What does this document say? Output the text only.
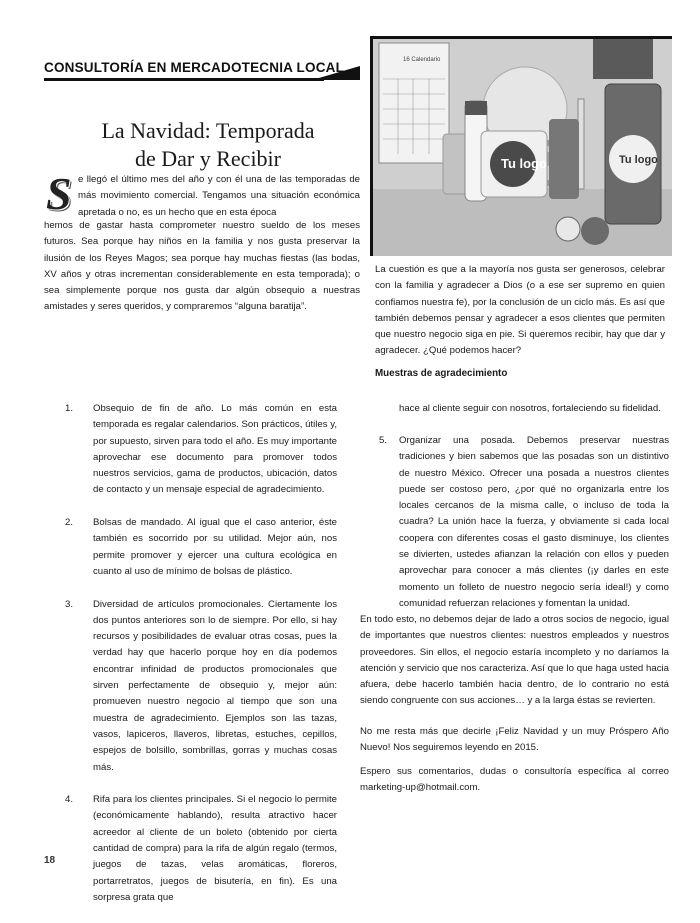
CONSULTORÍA EN MERCADOTECNIA LOCAL	16 Calendario
Tu logo	Tu logo
La Navidad: Temporada
de Dar y Recibir
S e llegó el último mes del año y con él una de las temporadas de más movimiento comercial. Tengamos una situación económica apretada o no, es un hecho que en esta época
hemos de gastar hasta comprometer nuestro sueldo de los meses futuros. Sea porque hay niños en la familia y nos gusta preservar la ilusión de los Reyes Magos; sea porque hay muchas fiestas (las bodas, XV años y otras incrementan considerablemente en esta temporada); o sea simplemente porque nos gusta dar algún obsequio a nuestras amistades y seres queridos, y compraremos “alguna baratija”.
La cuestión es que a la mayoría nos gusta ser generosos, celebrar con la familia y agradecer a Dios (o a ese ser supremo en quien confiamos nuestra fe), por la conclusión de un ciclo más. Es así que también debemos pensar y agradecer a esos clientes que permiten que nuestro negocio siga en pie. Si queremos recibir, hay que dar y agradecer. ¿Qué podemos hacer?
Muestras de agradecimiento
1. Obsequio de fin de año. Lo más común en esta temporada es regalar calendarios. Son prácticos, útiles y, por supuesto, sirven para todo el año. Es muy importante aprovechar ese documento para promover todos nuestros servicios, gama de productos, ubicación, datos de contacto y un mensaje especial de agradecimiento.
2. Bolsas de mandado. Al igual que el caso anterior, éste también es socorrido por su utilidad. Mejor aún, nos permite promover y ejercer una cultura ecológica en cuanto al uso de mínimo de bolsas de plástico.
3. Diversidad de artículos promocionales. Ciertamente los dos puntos anteriores son lo de siempre. Por ello, si hay recursos y posibilidades de evaluar otras cosas, pues la verdad hay que hacerlo porque hoy en día podemos encontrar infinidad de productos promocionales que sirven perfectamente de obsequio y, mejor aún: promueven nuestro negocio al tiempo que son una muestra de agradecimiento. Ejemplos son las tazas, vasos, lapiceros, llaveros, libretas, estuches, cepillos, espejos de bolsillo, sombrillas, gorras y muchas cosas más.
4. Rifa para los clientes principales. Si el negocio lo permite (económicamente hablando), resulta atractivo hacer acreedor al cliente de un boleto (obtenido por cierta cantidad de compra) para la rifa de algún regalo (termos, juegos de tazas, velas aromáticas, floreros, portarretratos, juegos de bisutería, en fin). Es una sorpresa grata que
hace al cliente seguir con nosotros, fortaleciendo su fidelidad.
5. Organizar una posada. Debemos preservar nuestras tradiciones y bien sabemos que las posadas son un distintivo de nuestro México. Ofrecer una posada a nuestros clientes puede ser costoso pero, ¿por qué no organizarla entre los locales cercanos de la misma calle, o incluso de toda la cuadra? La unión hace la fuerza, y obviamente si cada local coopera con diferentes cosas el gasto disminuye, los clientes se divierten, ustedes afianzan la relación con ellos y pueden aprovechar para conocer a más clientes (¡y darles en este momento un folleto de nuestro negocio sería ideal!) y como comunidad refuerzan relaciones y fomentan la unidad.
En todo esto, no debemos dejar de lado a otros socios de negocio, igual de importantes que nuestros clientes: nuestros empleados y nuestros proveedores. Sin ellos, el negocio estaría incompleto y no daríamos la atención y servicio que nos caracteriza. Así que lo que haga usted hacia afuera, debe hacerlo también hacia dentro, de lo contrario no está siendo congruente con sus acciones… y a la larga éstas se revierten.
No me resta más que decirle ¡Feliz Navidad y un muy Próspero Año Nuevo! Nos seguiremos leyendo en 2015.
Espero sus comentarios, dudas o consultoría específica al correo marketing-up@hotmail.com.
18
